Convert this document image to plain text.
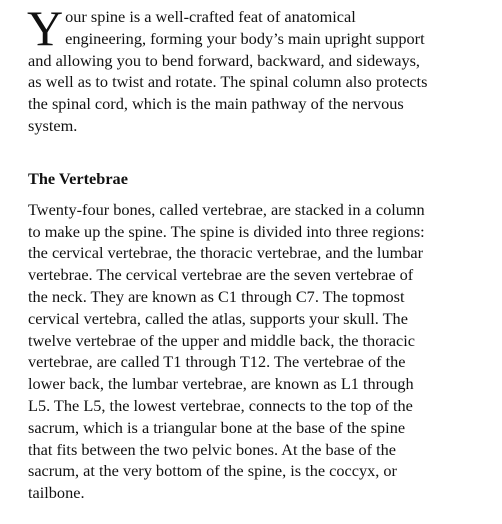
Your spine is a well-crafted feat of anatomical engineering, forming your body’s main upright support and allowing you to bend forward, backward, and sideways, as well as to twist and rotate. The spinal column also protects the spinal cord, which is the main pathway of the nervous system.

The Vertebrae

Twenty-four bones, called vertebrae, are stacked in a column to make up the spine. The spine is divided into three regions: the cervical vertebrae, the thoracic vertebrae, and the lumbar vertebrae. The cervical vertebrae are the seven vertebrae of the neck. They are known as C1 through C7. The topmost cervical vertebra, called the atlas, supports your skull. The twelve vertebrae of the upper and middle back, the thoracic vertebrae, are called T1 through T12. The vertebrae of the lower back, the lumbar vertebrae, are known as L1 through L5. The L5, the lowest vertebrae, connects to the top of the sacrum, which is a triangular bone at the base of the spine that fits between the two pelvic bones. At the base of the sacrum, at the very bottom of the spine, is the coccyx, or tailbone.
